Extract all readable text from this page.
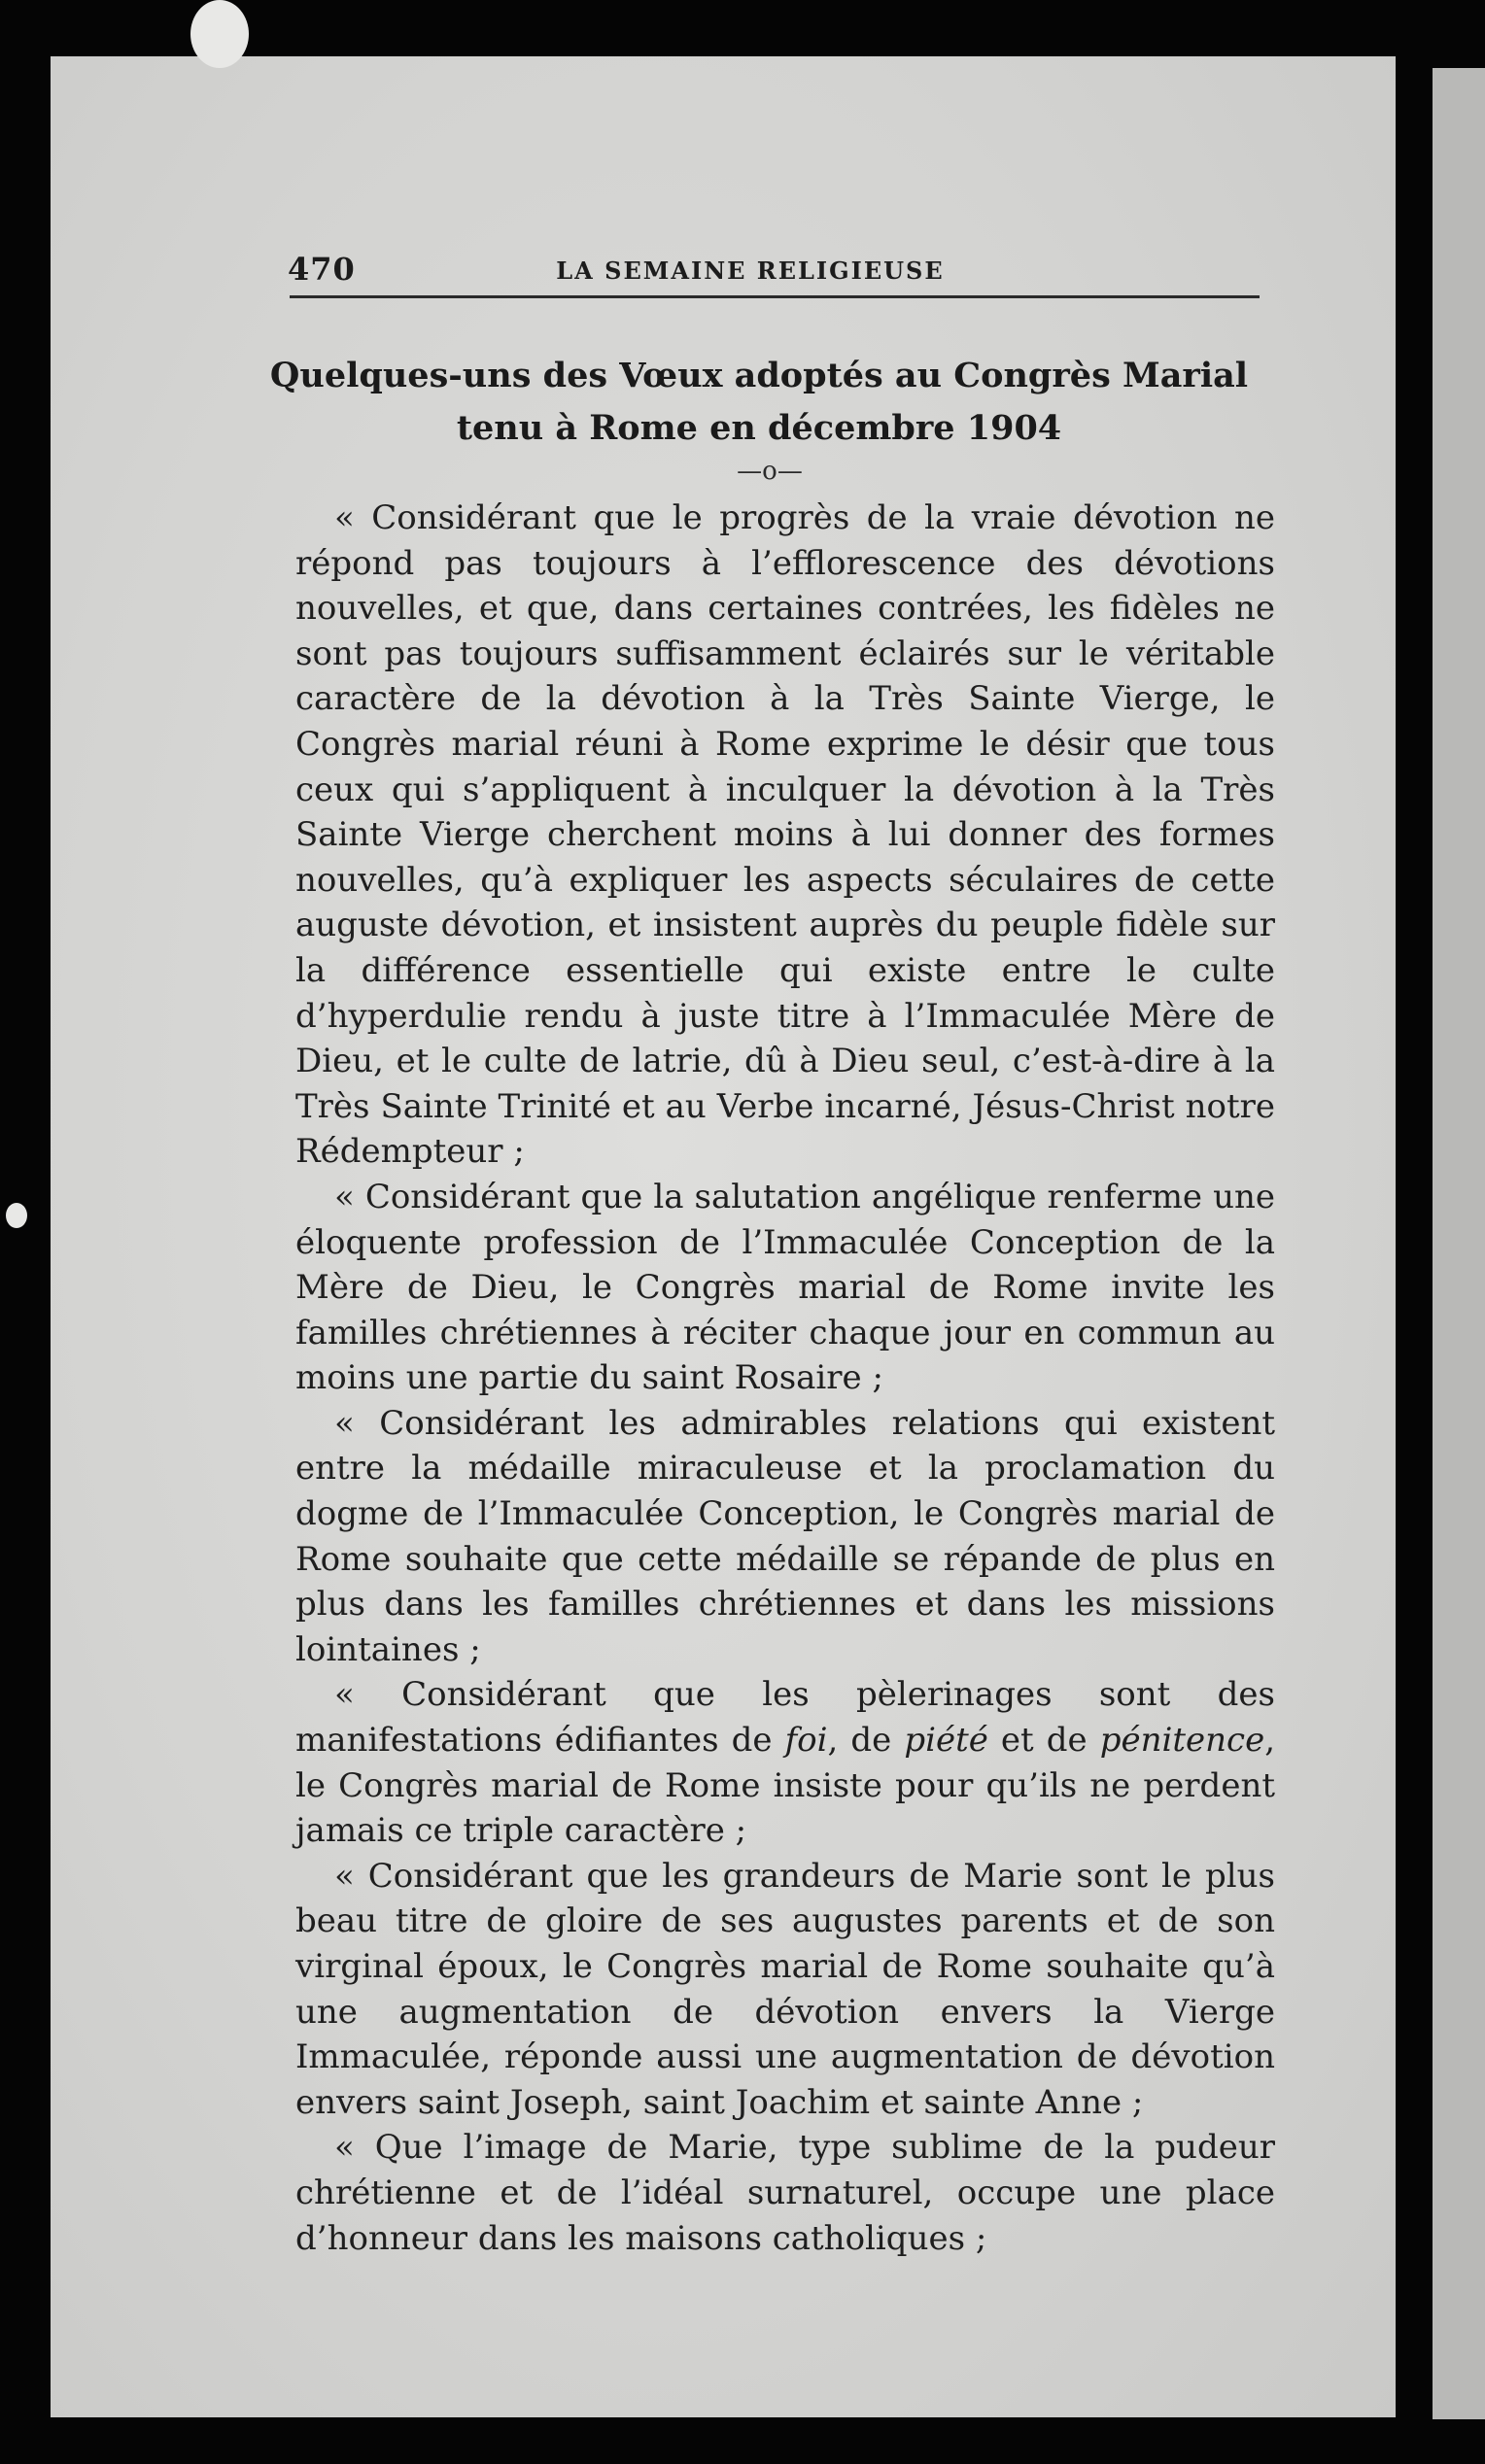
470	LA SEMAINE RELIGIEUSE
Quelques-uns des Vœux adoptés au Congrès Marial
tenu à Rome en décembre 1904
—o—

« Considérant que le progrès de la vraie dévotion ne répond pas toujours à l’efflorescence des dévotions nouvelles, et que, dans certaines contrées, les fidèles ne sont pas toujours suffisamment éclairés sur le véritable caractère de la dévotion à la Très Sainte Vierge, le Congrès marial réuni à Rome exprime le désir que tous ceux qui s’appliquent à inculquer la dévotion à la Très Sainte Vierge cherchent moins à lui donner des formes nouvelles, qu’à expliquer les aspects séculaires de cette auguste dévotion, et insistent auprès du peuple fidèle sur la différence essentielle qui existe entre le culte d’hyperdulie rendu à juste titre à l’Immaculée Mère de Dieu, et le culte de latrie, dû à Dieu seul, c’est-à-dire à la Très Sainte Trinité et au Verbe incarné, Jésus-Christ notre Rédempteur ;

« Considérant que la salutation angélique renferme une éloquente profession de l’Immaculée Conception de la Mère de Dieu, le Congrès marial de Rome invite les familles chrétiennes à réciter chaque jour en commun au moins une partie du saint Rosaire ;

« Considérant les admirables relations qui existent entre la médaille miraculeuse et la proclamation du dogme de l’Immaculée Conception, le Congrès marial de Rome souhaite que cette médaille se répande de plus en plus dans les familles chrétiennes et dans les missions lointaines ;

« Considérant que les pèlerinages sont des manifestations édifiantes de foi, de piété et de pénitence, le Congrès marial de Rome insiste pour qu’ils ne perdent jamais ce triple caractère ;

« Considérant que les grandeurs de Marie sont le plus beau titre de gloire de ses augustes parents et de son virginal époux, le Congrès marial de Rome souhaite qu’à une augmentation de dévotion envers la Vierge Immaculée, réponde aussi une augmentation de dévotion envers saint Joseph, saint Joachim et sainte Anne ;

« Que l’image de Marie, type sublime de la pudeur chrétienne et de l’idéal surnaturel, occupe une place d’honneur dans les maisons catholiques ;
